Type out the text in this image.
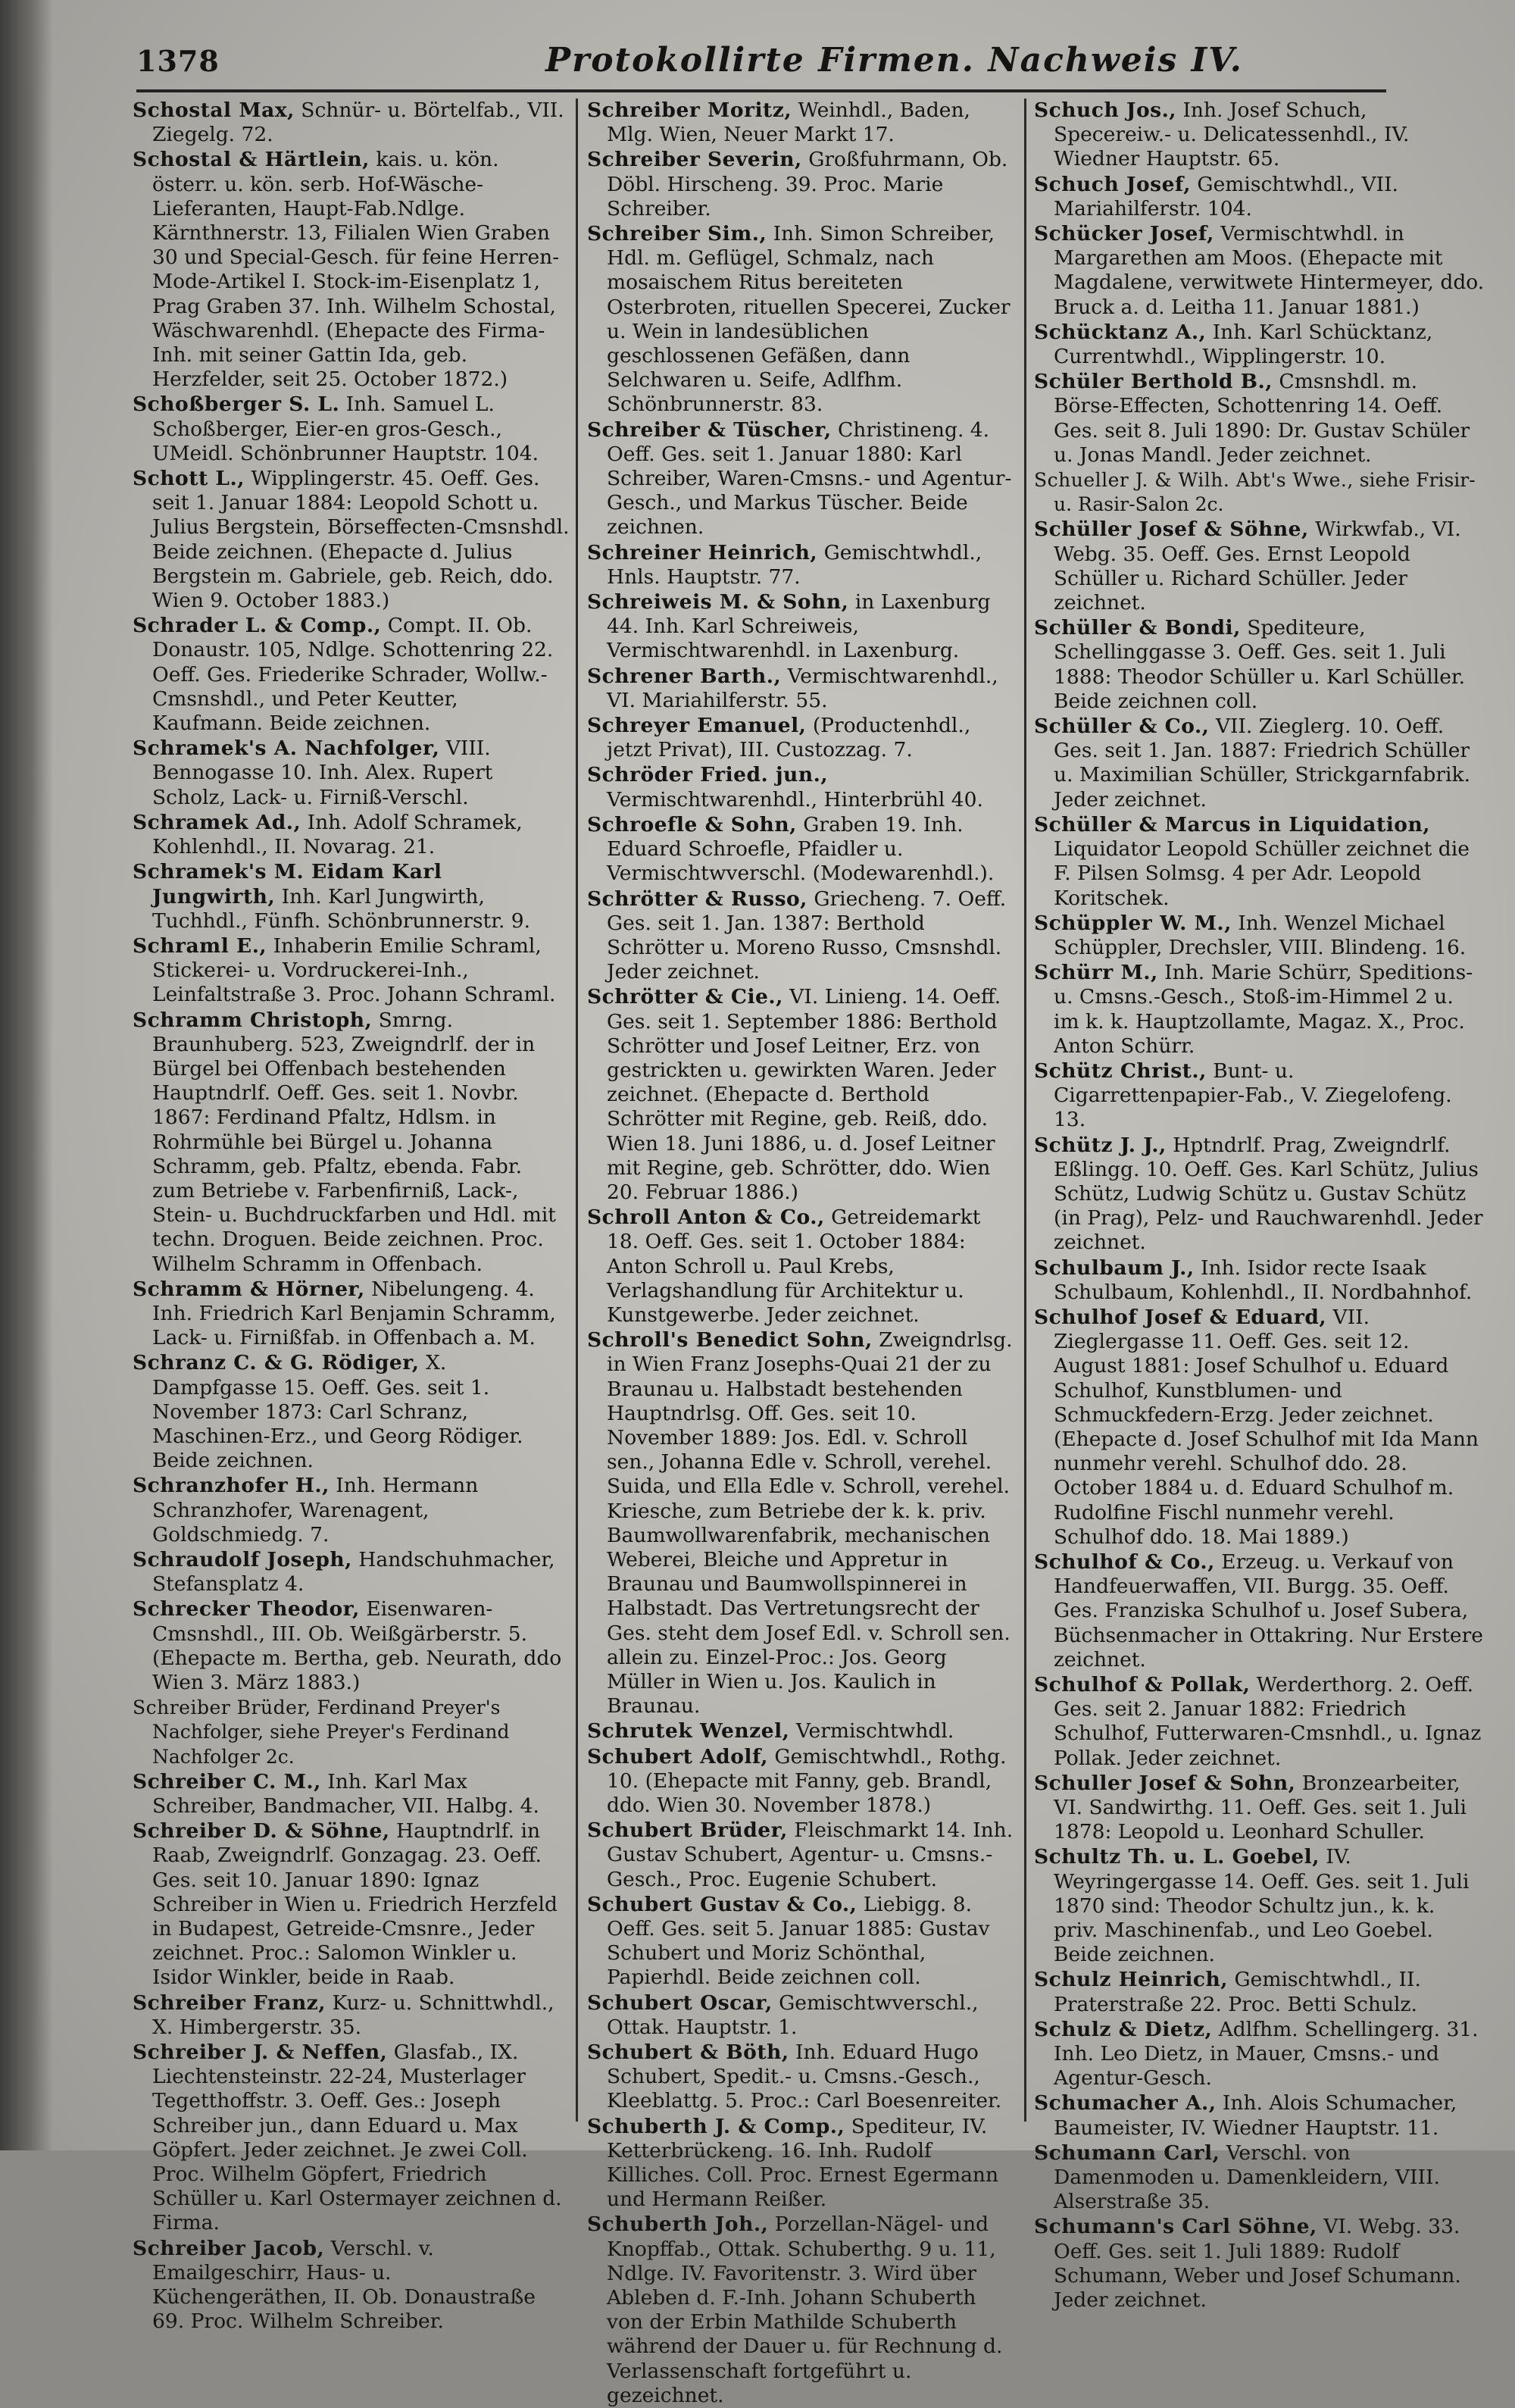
1378	Protokollirte Firmen. Nachweis IV.
Schostal Max, Schnür- u. Börtelfab., VII. Ziegelg. 72.
Schostal & Härtlein, kais. u. kön. österr. u. kön. serb. Hof-Wäsche-Lieferanten, Haupt-Fab.Ndlge. Kärnthnerstr. 13, Filialen Wien Graben 30 und Special-Gesch. für feine Herren-Mode-Artikel I. Stock-im-Eisenplatz 1, Prag Graben 37. Inh. Wilhelm Schostal, Wäschwarenhdl. (Ehepacte des Firma-Inh. mit seiner Gattin Ida, geb. Herzfelder, seit 25. October 1872.)
Schoßberger S. L. Inh. Samuel L. Schoßberger, Eier-en gros-Gesch., UMeidl. Schönbrunner Hauptstr. 104.
Schott L., Wipplingerstr. 45. Oeff. Ges. seit 1. Januar 1884: Leopold Schott u. Julius Bergstein, Börseffecten-Cmsnshdl. Beide zeichnen. (Ehepacte d. Julius Bergstein m. Gabriele, geb. Reich, ddo. Wien 9. October 1883.)
Schrader L. & Comp., Compt. II. Ob. Donaustr. 105, Ndlge. Schottenring 22. Oeff. Ges. Friederike Schrader, Wollw.-Cmsnshdl., und Peter Keutter, Kaufmann. Beide zeichnen.
Schramek's A. Nachfolger, VIII. Bennogasse 10. Inh. Alex. Rupert Scholz, Lack- u. Firniß-Verschl.
Schramek Ad., Inh. Adolf Schramek, Kohlenhdl., II. Novarag. 21.
Schramek's M. Eidam Karl Jungwirth, Inh. Karl Jungwirth, Tuchhdl., Fünfh. Schönbrunnerstr. 9.
Schraml E., Inhaberin Emilie Schraml, Stickerei- u. Vordruckerei-Inh., Leinfaltstraße 3. Proc. Johann Schraml.
Schramm Christoph, Smrng. Braunhuberg. 523, Zweigndrlf. der in Bürgel bei Offenbach bestehenden Hauptndrlf. Oeff. Ges. seit 1. Novbr. 1867: Ferdinand Pfaltz, Hdlsm. in Rohrmühle bei Bürgel u. Johanna Schramm, geb. Pfaltz, ebenda. Fabr. zum Betriebe v. Farbenfirniß, Lack-, Stein- u. Buchdruckfarben und Hdl. mit techn. Droguen. Beide zeichnen. Proc. Wilhelm Schramm in Offenbach.
Schramm & Hörner, Nibelungeng. 4. Inh. Friedrich Karl Benjamin Schramm, Lack- u. Firnißfab. in Offenbach a. M.
Schranz C. & G. Rödiger, X. Dampfgasse 15. Oeff. Ges. seit 1. November 1873: Carl Schranz, Maschinen-Erz., und Georg Rödiger. Beide zeichnen.
Schranzhofer H., Inh. Hermann Schranzhofer, Warenagent, Goldschmiedg. 7.
Schraudolf Joseph, Handschuhmacher, Stefansplatz 4.
Schrecker Theodor, Eisenwaren-Cmsnshdl., III. Ob. Weißgärberstr. 5. (Ehepacte m. Bertha, geb. Neurath, ddo Wien 3. März 1883.)
Schreiber Brüder, Ferdinand Preyer's Nachfolger, siehe Preyer's Ferdinand Nachfolger 2c.
Schreiber C. M., Inh. Karl Max Schreiber, Bandmacher, VII. Halbg. 4.
Schreiber D. & Söhne, Hauptndrlf. in Raab, Zweigndrlf. Gonzagag. 23. Oeff. Ges. seit 10. Januar 1890: Ignaz Schreiber in Wien u. Friedrich Herzfeld in Budapest, Getreide-Cmsnre., Jeder zeichnet. Proc.: Salomon Winkler u. Isidor Winkler, beide in Raab.
Schreiber Franz, Kurz- u. Schnittwhdl., X. Himbergerstr. 35.
Schreiber J. & Neffen, Glasfab., IX. Liechtensteinstr. 22-24, Musterlager Tegetthoffstr. 3. Oeff. Ges.: Joseph Schreiber jun., dann Eduard u. Max Göpfert. Jeder zeichnet. Je zwei Coll. Proc. Wilhelm Göpfert, Friedrich Schüller u. Karl Ostermayer zeichnen d. Firma.
Schreiber Jacob, Verschl. v. Emailgeschirr, Haus- u. Küchengeräthen, II. Ob. Donaustraße 69. Proc. Wilhelm Schreiber.
Schreiber Moritz, Weinhdl., Baden, Mlg. Wien, Neuer Markt 17.
Schreiber Severin, Großfuhrmann, Ob. Döbl. Hirscheng. 39. Proc. Marie Schreiber.
Schreiber Sim., Inh. Simon Schreiber, Hdl. m. Geflügel, Schmalz, nach mosaischem Ritus bereiteten Osterbroten, rituellen Specerei, Zucker u. Wein in landesüblichen geschlossenen Gefäßen, dann Selchwaren u. Seife, Adlfhm. Schönbrunnerstr. 83.
Schreiber & Tüscher, Christineng. 4. Oeff. Ges. seit 1. Januar 1880: Karl Schreiber, Waren-Cmsns.- und Agentur-Gesch., und Markus Tüscher. Beide zeichnen.
Schreiner Heinrich, Gemischtwhdl., Hnls. Hauptstr. 77.
Schreiweis M. & Sohn, in Laxenburg 44. Inh. Karl Schreiweis, Vermischtwarenhdl. in Laxenburg.
Schrener Barth., Vermischtwarenhdl., VI. Mariahilferstr. 55.
Schreyer Emanuel, (Productenhdl., jetzt Privat), III. Custozzag. 7.
Schröder Fried. jun., Vermischtwarenhdl., Hinterbrühl 40.
Schroefle & Sohn, Graben 19. Inh. Eduard Schroefle, Pfaidler u. Vermischtwverschl. (Modewarenhdl.).
Schrötter & Russo, Griecheng. 7. Oeff. Ges. seit 1. Jan. 1387: Berthold Schrötter u. Moreno Russo, Cmsnshdl. Jeder zeichnet.
Schrötter & Cie., VI. Linieng. 14. Oeff. Ges. seit 1. September 1886: Berthold Schrötter und Josef Leitner, Erz. von gestrickten u. gewirkten Waren. Jeder zeichnet. (Ehepacte d. Berthold Schrötter mit Regine, geb. Reiß, ddo. Wien 18. Juni 1886, u. d. Josef Leitner mit Regine, geb. Schrötter, ddo. Wien 20. Februar 1886.)
Schroll Anton & Co., Getreidemarkt 18. Oeff. Ges. seit 1. October 1884: Anton Schroll u. Paul Krebs, Verlagshandlung für Architektur u. Kunstgewerbe. Jeder zeichnet.
Schroll's Benedict Sohn, Zweigndrlsg. in Wien Franz Josephs-Quai 21 der zu Braunau u. Halbstadt bestehenden Hauptndrlsg. Off. Ges. seit 10. November 1889: Jos. Edl. v. Schroll sen., Johanna Edle v. Schroll, verehel. Suida, und Ella Edle v. Schroll, verehel. Kriesche, zum Betriebe der k. k. priv. Baumwollwarenfabrik, mechanischen Weberei, Bleiche und Appretur in Braunau und Baumwollspinnerei in Halbstadt. Das Vertretungsrecht der Ges. steht dem Josef Edl. v. Schroll sen. allein zu. Einzel-Proc.: Jos. Georg Müller in Wien u. Jos. Kaulich in Braunau.
Schrutek Wenzel, Vermischtwhdl.
Schubert Adolf, Gemischtwhdl., Rothg. 10. (Ehepacte mit Fanny, geb. Brandl, ddo. Wien 30. November 1878.)
Schubert Brüder, Fleischmarkt 14. Inh. Gustav Schubert, Agentur- u. Cmsns.-Gesch., Proc. Eugenie Schubert.
Schubert Gustav & Co., Liebigg. 8. Oeff. Ges. seit 5. Januar 1885: Gustav Schubert und Moriz Schönthal, Papierhdl. Beide zeichnen coll.
Schubert Oscar, Gemischtwverschl., Ottak. Hauptstr. 1.
Schubert & Böth, Inh. Eduard Hugo Schubert, Spedit.- u. Cmsns.-Gesch., Kleeblattg. 5. Proc.: Carl Boesenreiter.
Schuberth J. & Comp., Spediteur, IV. Ketterbrückeng. 16. Inh. Rudolf Killiches. Coll. Proc. Ernest Egermann und Hermann Reißer.
Schuberth Joh., Porzellan-Nägel- und Knopffab., Ottak. Schuberthg. 9 u. 11, Ndlge. IV. Favoritenstr. 3. Wird über Ableben d. F.-Inh. Johann Schuberth von der Erbin Mathilde Schuberth während der Dauer u. für Rechnung d. Verlassenschaft fortgeführt u. gezeichnet.
Schuch Jos., Inh. Josef Schuch, Specereiw.- u. Delicatessenhdl., IV. Wiedner Hauptstr. 65.
Schuch Josef, Gemischtwhdl., VII. Mariahilferstr. 104.
Schücker Josef, Vermischtwhdl. in Margarethen am Moos. (Ehepacte mit Magdalene, verwitwete Hintermeyer, ddo. Bruck a. d. Leitha 11. Januar 1881.)
Schücktanz A., Inh. Karl Schücktanz, Currentwhdl., Wipplingerstr. 10.
Schüler Berthold B., Cmsnshdl. m. Börse-Effecten, Schottenring 14. Oeff. Ges. seit 8. Juli 1890: Dr. Gustav Schüler u. Jonas Mandl. Jeder zeichnet.
Schueller J. & Wilh. Abt's Wwe., siehe Frisir- u. Rasir-Salon 2c.
Schüller Josef & Söhne, Wirkwfab., VI. Webg. 35. Oeff. Ges. Ernst Leopold Schüller u. Richard Schüller. Jeder zeichnet.
Schüller & Bondi, Spediteure, Schellinggasse 3. Oeff. Ges. seit 1. Juli 1888: Theodor Schüller u. Karl Schüller. Beide zeichnen coll.
Schüller & Co., VII. Zieglerg. 10. Oeff. Ges. seit 1. Jan. 1887: Friedrich Schüller u. Maximilian Schüller, Strickgarnfabrik. Jeder zeichnet.
Schüller & Marcus in Liquidation, Liquidator Leopold Schüller zeichnet die F. Pilsen Solmsg. 4 per Adr. Leopold Koritschek.
Schüppler W. M., Inh. Wenzel Michael Schüppler, Drechsler, VIII. Blindeng. 16.
Schürr M., Inh. Marie Schürr, Speditions- u. Cmsns.-Gesch., Stoß-im-Himmel 2 u. im k. k. Hauptzollamte, Magaz. X., Proc. Anton Schürr.
Schütz Christ., Bunt- u. Cigarrettenpapier-Fab., V. Ziegelofeng. 13.
Schütz J. J., Hptndrlf. Prag, Zweigndrlf. Eßlingg. 10. Oeff. Ges. Karl Schütz, Julius Schütz, Ludwig Schütz u. Gustav Schütz (in Prag), Pelz- und Rauchwarenhdl. Jeder zeichnet.
Schulbaum J., Inh. Isidor recte Isaak Schulbaum, Kohlenhdl., II. Nordbahnhof.
Schulhof Josef & Eduard, VII. Zieglergasse 11. Oeff. Ges. seit 12. August 1881: Josef Schulhof u. Eduard Schulhof, Kunstblumen- und Schmuckfedern-Erzg. Jeder zeichnet. (Ehepacte d. Josef Schulhof mit Ida Mann nunmehr verehl. Schulhof ddo. 28. October 1884 u. d. Eduard Schulhof m. Rudolfine Fischl nunmehr verehl. Schulhof ddo. 18. Mai 1889.)
Schulhof & Co., Erzeug. u. Verkauf von Handfeuerwaffen, VII. Burgg. 35. Oeff. Ges. Franziska Schulhof u. Josef Subera, Büchsenmacher in Ottakring. Nur Erstere zeichnet.
Schulhof & Pollak, Werderthorg. 2. Oeff. Ges. seit 2. Januar 1882: Friedrich Schulhof, Futterwaren-Cmsnhdl., u. Ignaz Pollak. Jeder zeichnet.
Schuller Josef & Sohn, Bronzearbeiter, VI. Sandwirthg. 11. Oeff. Ges. seit 1. Juli 1878: Leopold u. Leonhard Schuller.
Schultz Th. u. L. Goebel, IV. Weyringergasse 14. Oeff. Ges. seit 1. Juli 1870 sind: Theodor Schultz jun., k. k. priv. Maschinenfab., und Leo Goebel. Beide zeichnen.
Schulz Heinrich, Gemischtwhdl., II. Praterstraße 22. Proc. Betti Schulz.
Schulz & Dietz, Adlfhm. Schellingerg. 31. Inh. Leo Dietz, in Mauer, Cmsns.- und Agentur-Gesch.
Schumacher A., Inh. Alois Schumacher, Baumeister, IV. Wiedner Hauptstr. 11.
Schumann Carl, Verschl. von Damenmoden u. Damenkleidern, VIII. Alserstraße 35.
Schumann's Carl Söhne, VI. Webg. 33. Oeff. Ges. seit 1. Juli 1889: Rudolf Schumann, Weber und Josef Schumann. Jeder zeichnet.
